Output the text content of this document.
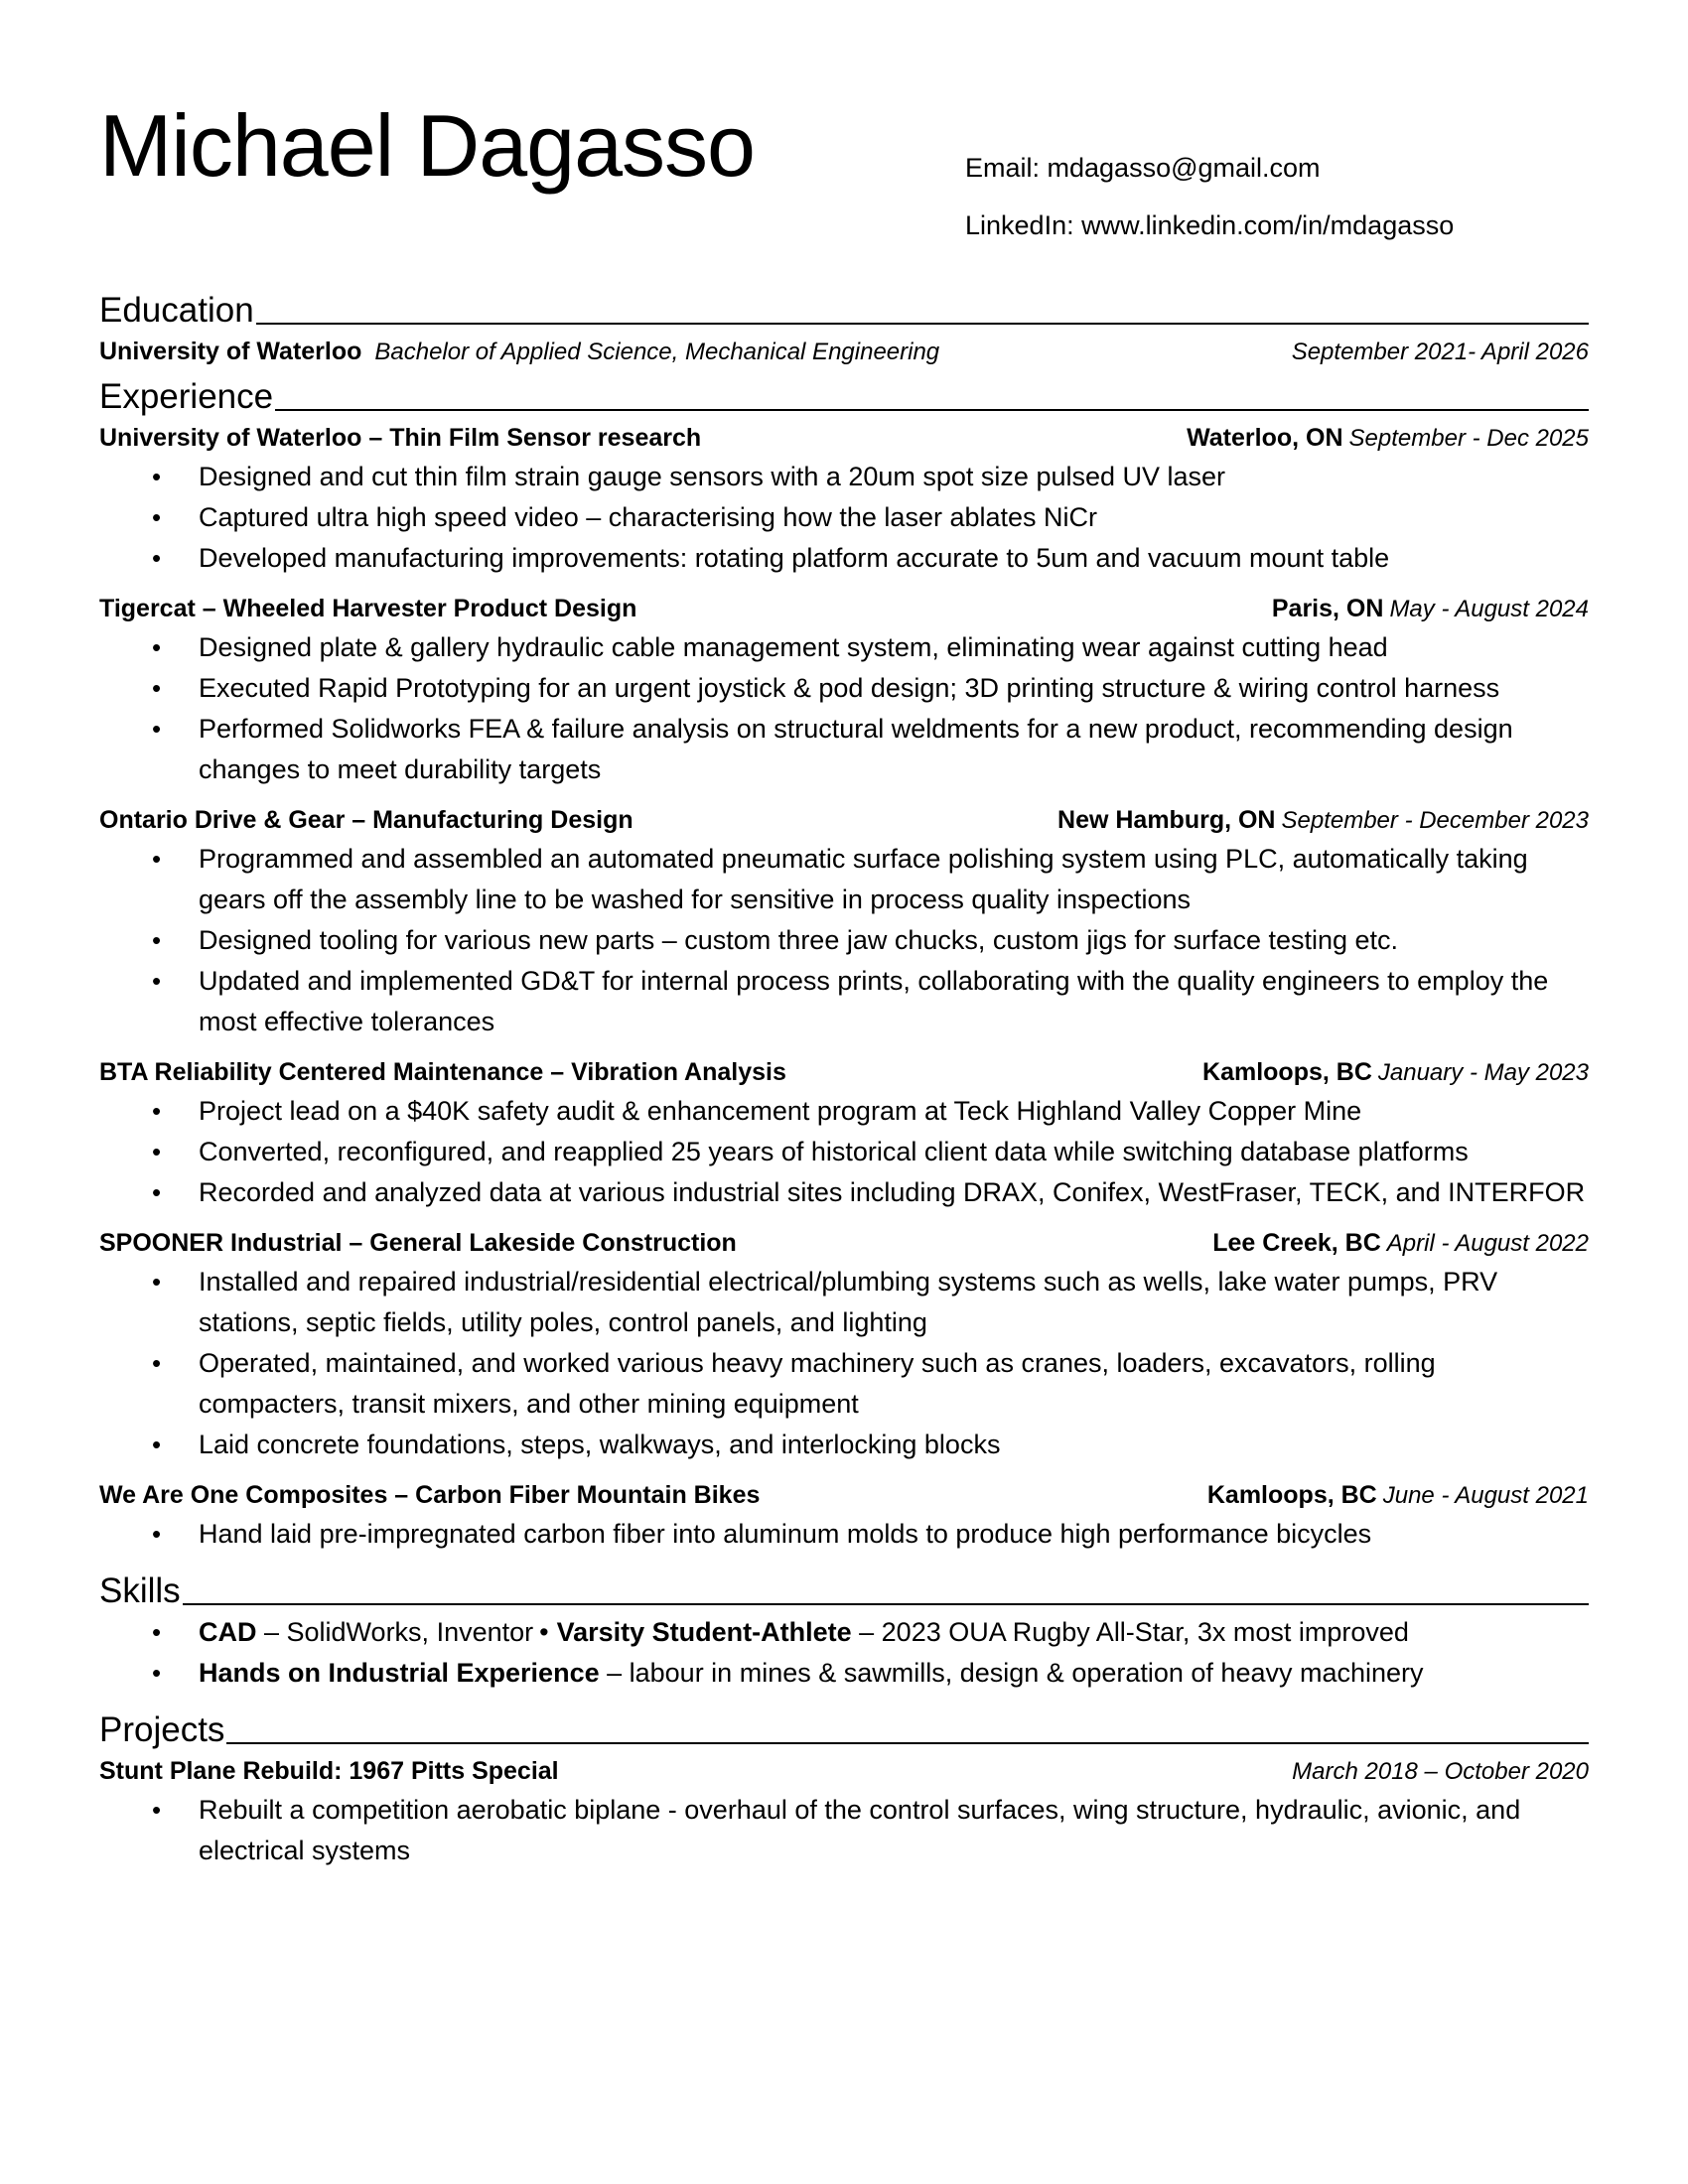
Michael Dagasso	Email: mdagasso@gmail.com
LinkedIn: www.linkedin.com/in/mdagasso
Education
University of Waterloo Bachelor of Applied Science, Mechanical Engineering	September 2021- April 2026
Experience
University of Waterloo – Thin Film Sensor research	Waterloo, ON September - Dec 2025
• Designed and cut thin film strain gauge sensors with a 20um spot size pulsed UV laser
• Captured ultra high speed video – characterising how the laser ablates NiCr
• Developed manufacturing improvements: rotating platform accurate to 5um and vacuum mount table
Tigercat – Wheeled Harvester Product Design	Paris, ON May - August 2024
• Designed plate & gallery hydraulic cable management system, eliminating wear against cutting head
• Executed Rapid Prototyping for an urgent joystick & pod design; 3D printing structure & wiring control harness
• Performed Solidworks FEA & failure analysis on structural weldments for a new product, recommending design changes to meet durability targets
Ontario Drive & Gear – Manufacturing Design	New Hamburg, ON September - December 2023
• Programmed and assembled an automated pneumatic surface polishing system using PLC, automatically taking gears off the assembly line to be washed for sensitive in process quality inspections
• Designed tooling for various new parts – custom three jaw chucks, custom jigs for surface testing etc.
• Updated and implemented GD&T for internal process prints, collaborating with the quality engineers to employ the most effective tolerances
BTA Reliability Centered Maintenance – Vibration Analysis	Kamloops, BC January - May 2023
• Project lead on a $40K safety audit & enhancement program at Teck Highland Valley Copper Mine
• Converted, reconfigured, and reapplied 25 years of historical client data while switching database platforms
• Recorded and analyzed data at various industrial sites including DRAX, Conifex, WestFraser, TECK, and INTERFOR
SPOONER Industrial – General Lakeside Construction	Lee Creek, BC April - August 2022
• Installed and repaired industrial/residential electrical/plumbing systems such as wells, lake water pumps, PRV stations, septic fields, utility poles, control panels, and lighting
• Operated, maintained, and worked various heavy machinery such as cranes, loaders, excavators, rolling compacters, transit mixers, and other mining equipment
• Laid concrete foundations, steps, walkways, and interlocking blocks
We Are One Composites – Carbon Fiber Mountain Bikes	Kamloops, BC June - August 2021
• Hand laid pre-impregnated carbon fiber into aluminum molds to produce high performance bicycles
Skills
• CAD – SolidWorks, Inventor • Varsity Student-Athlete – 2023 OUA Rugby All-Star, 3x most improved
• Hands on Industrial Experience – labour in mines & sawmills, design & operation of heavy machinery
Projects
Stunt Plane Rebuild: 1967 Pitts Special	March 2018 – October 2020
• Rebuilt a competition aerobatic biplane - overhaul of the control surfaces, wing structure, hydraulic, avionic, and electrical systems
